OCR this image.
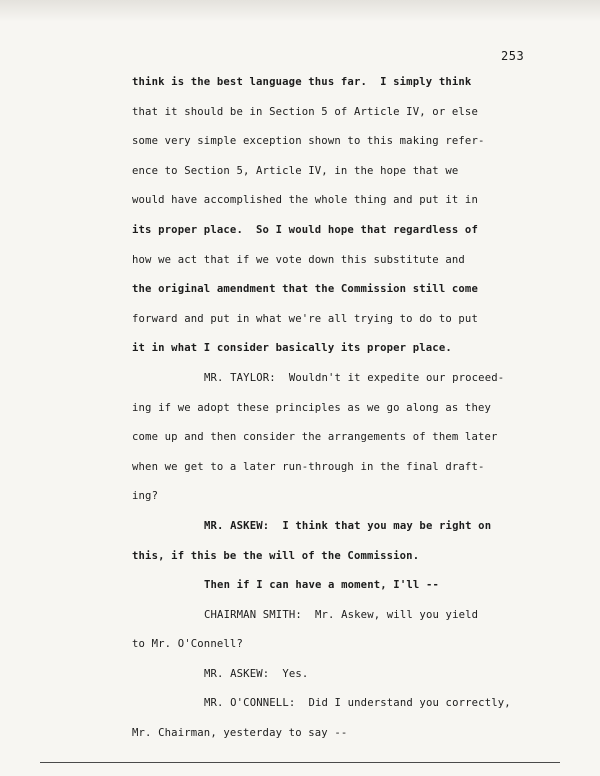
253
think is the best language thus far.  I simply think
that it should be in Section 5 of Article IV, or else
some very simple exception shown to this making refer-
ence to Section 5, Article IV, in the hope that we
would have accomplished the whole thing and put it in
its proper place.  So I would hope that regardless of
how we act that if we vote down this substitute and
the original amendment that the Commission still come
forward and put in what we're all trying to do to put
it in what I consider basically its proper place.
MR. TAYLOR:  Wouldn't it expedite our proceed-
ing if we adopt these principles as we go along as they
come up and then consider the arrangements of them later
when we get to a later run-through in the final draft-
ing?
MR. ASKEW:  I think that you may be right on
this, if this be the will of the Commission.
Then if I can have a moment, I'll --
CHAIRMAN SMITH:  Mr. Askew, will you yield
to Mr. O'Connell?
MR. ASKEW:  Yes.
MR. O'CONNELL:  Did I understand you correctly,
Mr. Chairman, yesterday to say --
